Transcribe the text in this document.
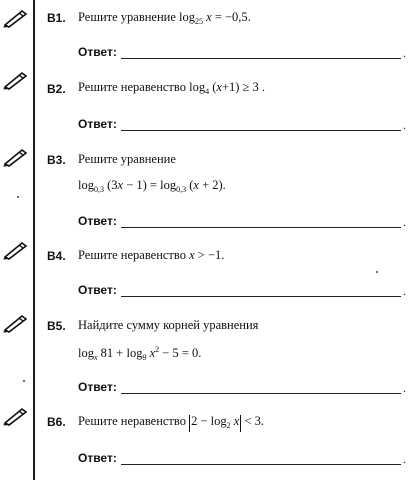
B1. Решите уравнение $\log_{25} x = -0,5$.
Ответ:	.
B2. Решите неравенство $\log_4 (x+1) \ge 3$ .
Ответ:	.
B3. Решите уравнение
$\log_{0,3} (3x - 1) = \log_{0,3} (x + 2)$.
Ответ:	.
B4. Решите неравенство x > −1.
Ответ:	.
B5. Найдите сумму корней уравнения
$\log_x 81 + \log_9 x^2 - 5 = 0$.
Ответ:	.
B6. Решите неравенство $2 - \log_2 x < 3$.
Ответ:	.
